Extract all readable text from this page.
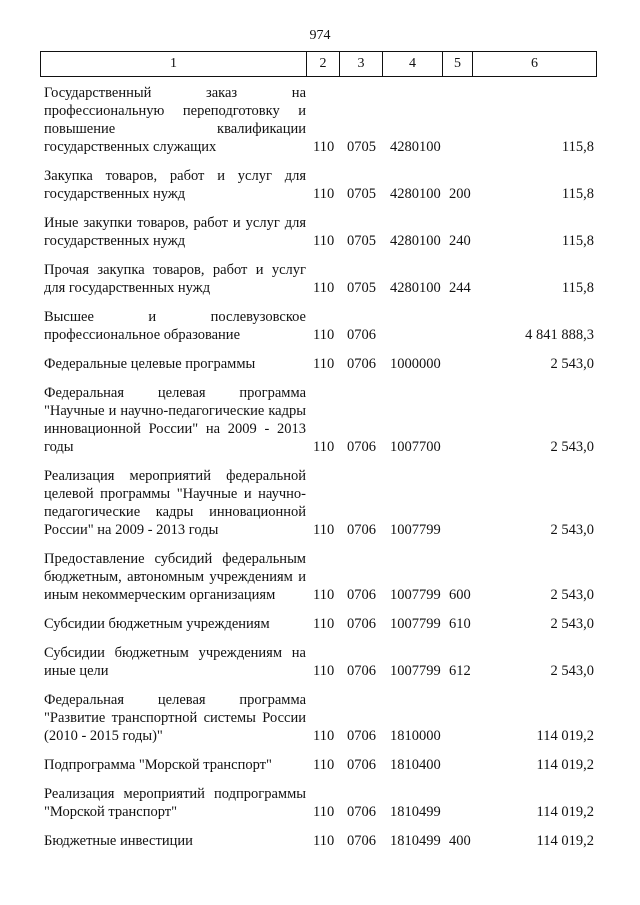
974
1	2	3	4	5	6
Государственный заказ на профессиональную переподготовку и повышение квалификации государственных служащих	110 0705 4280100	115,8
Закупка товаров, работ и услуг для государственных нужд	110 0705 4280100 200	115,8
Иные закупки товаров, работ и услуг для государственных нужд	110 0705 4280100 240	115,8
Прочая закупка товаров, работ и услуг для государственных нужд	110 0705 4280100 244	115,8
Высшее и послевузовское профессиональное образование	110 0706	4 841 888,3
Федеральные целевые программы	110 0706 1000000	2 543,0
Федеральная целевая программа "Научные и научно-педагогические кадры инновационной России" на 2009 - 2013 годы	110 0706 1007700	2 543,0
Реализация мероприятий федеральной целевой программы "Научные и научно-педагогические кадры инновационной России" на 2009 - 2013 годы	110 0706 1007799	2 543,0
Предоставление субсидий федеральным бюджетным, автономным учреждениям и иным некоммерческим организациям	110 0706 1007799 600	2 543,0
Субсидии бюджетным учреждениям	110 0706 1007799 610	2 543,0
Субсидии бюджетным учреждениям на иные цели	110 0706 1007799 612	2 543,0
Федеральная целевая программа "Развитие транспортной системы России (2010 - 2015 годы)"	110 0706 1810000	114 019,2
Подпрограмма "Морской транспорт"	110 0706 1810400	114 019,2
Реализация мероприятий подпрограммы "Морской транспорт"	110 0706 1810499	114 019,2
Бюджетные инвестиции	110 0706 1810499 400	114 019,2
